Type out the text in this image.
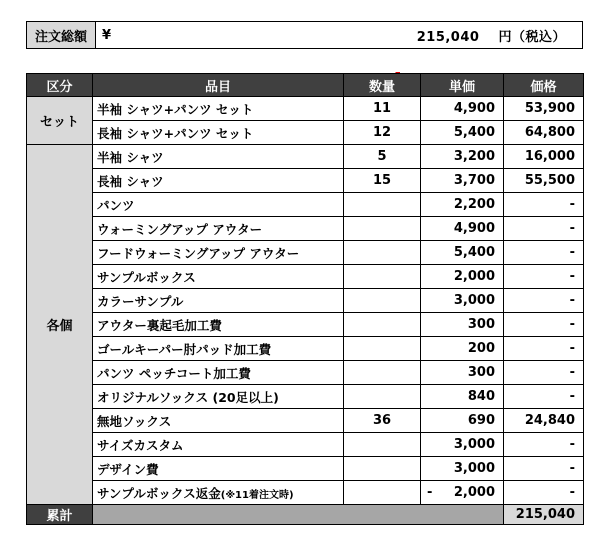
注文総額	¥	215,040 円（税込）
区分	品目	数量	単価	価格
セット	半袖 シャツ+パンツ セット	11	4,900	53,900
	長袖 シャツ+パンツ セット	12	5,400	64,800
各個	半袖 シャツ	5	3,200	16,000
	長袖 シャツ	15	3,700	55,500
	パンツ		2,200	-
	ウォーミングアップ アウター		4,900	-
	フードウォーミングアップ アウター		5,400	-
	サンプルボックス		2,000	-
	カラーサンプル		3,000	-
	アウター裏起毛加工費		300	-
	ゴールキーパー肘パッド加工費		200	-
	パンツ ペッチコート加工費		300	-
	オリジナルソックス (20足以上)		840	-
	無地ソックス	36	690	24,840
	サイズカスタム		3,000	-
	デザイン費		3,000	-
	サンプルボックス返金(※11着注文時)		- 2,000	-
累計				215,040
